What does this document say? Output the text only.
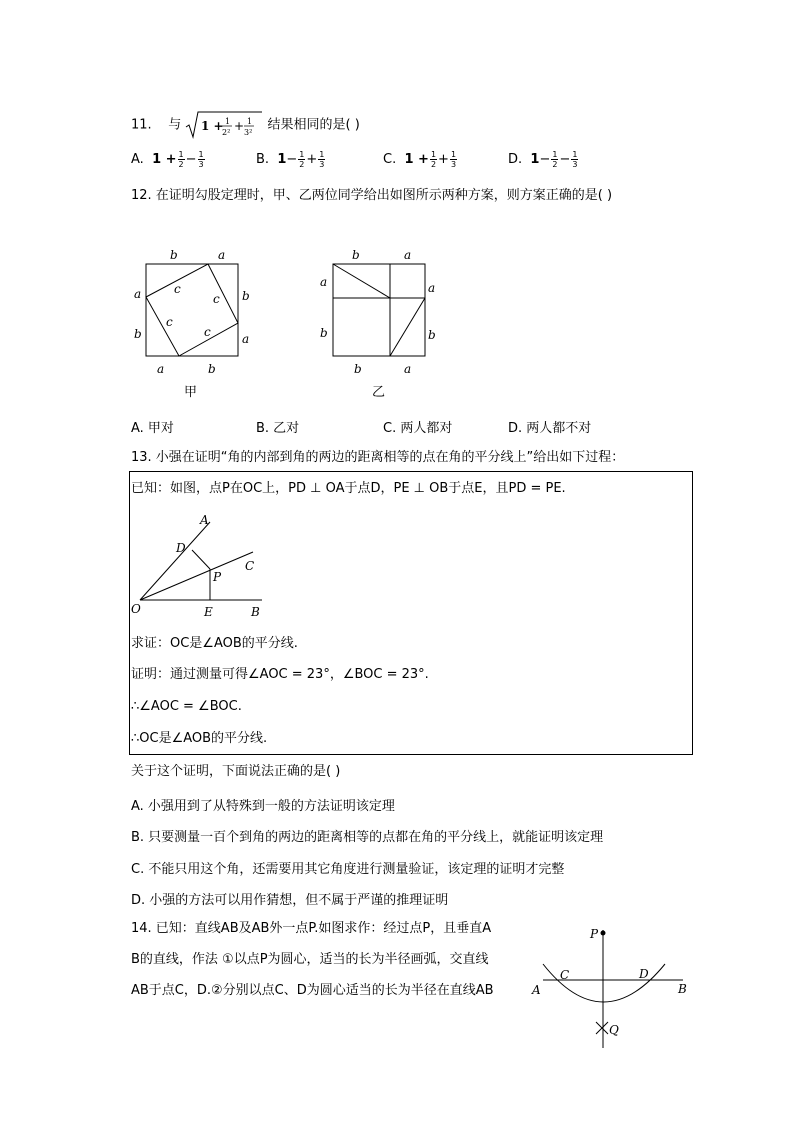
11. 与 1 + 1
2² + 1
3² 结果相同的是( )
A. $1 + \frac{1}{2} - \frac{1}{3}$	B. $1- \frac{1}{2} + \frac{1}{3}$	C. $1 + \frac{1}{2} + \frac{1}{3}$	D. $1- \frac{1}{2} - \frac{1}{3}$
12. 在证明勾股定理时，甲、乙两位同学给出如图所示两种方案，则方案正确的是( )
b	a
a	b
b	a
a	b
c
c
c
c
甲
b	a
a	a
b	b
b	a
乙
A. 甲对	B. 乙对	C. 两人都对	D. 两人都不对
13. 小强在证明“角的内部到角的两边的距离相等的点在角的平分线上”给出如下过程：
已知：如图，点P在OC上，PD ⊥ OA于点D，PE ⊥ OB于点E，且PD = PE.
A
D
P
C
O	E	B
求证：OC是∠AOB的平分线.
证明：通过测量可得∠AOC = 23°，∠BOC = 23°.
∴∠AOC = ∠BOC.
∴OC是∠AOB的平分线.
关于这个证明，下面说法正确的是( )
A. 小强用到了从特殊到一般的方法证明该定理
B. 只要测量一百个到角的两边的距离相等的点都在角的平分线上，就能证明该定理
C. 不能只用这个角，还需要用其它角度进行测量验证，该定理的证明才完整
D. 小强的方法可以用作猜想，但不属于严谨的推理证明
14. 已知：直线AB及AB外一点P.如图求作：经过点P，且垂直A
B的直线，作法 ①以点P为圆心，适当的长为半径画弧，交直线
AB于点C，D.②分别以点C、D为圆心适当的长为半径在直线AB
P
C	D
A	B
Q
